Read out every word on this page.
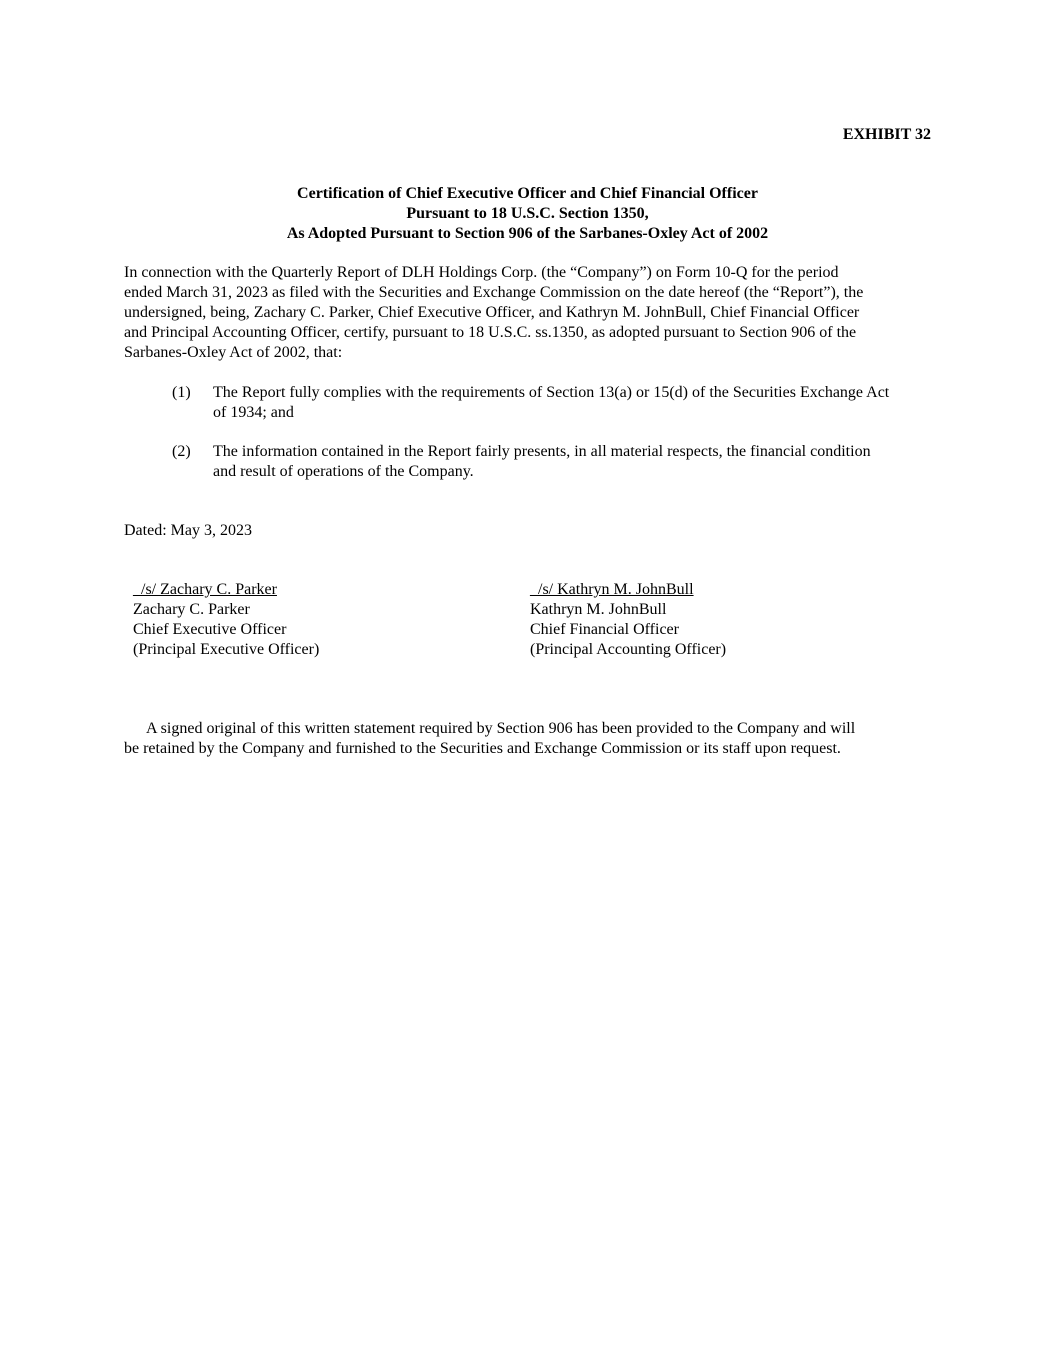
EXHIBIT 32
Certification of Chief Executive Officer and Chief Financial Officer
Pursuant to 18 U.S.C. Section 1350,
As Adopted Pursuant to Section 906 of the Sarbanes-Oxley Act of 2002
In connection with the Quarterly Report of DLH Holdings Corp. (the “Company”) on Form 10-Q for the period
ended March 31, 2023 as filed with the Securities and Exchange Commission on the date hereof (the “Report”), the
undersigned, being, Zachary C. Parker, Chief Executive Officer, and Kathryn M. JohnBull, Chief Financial Officer
and Principal Accounting Officer, certify, pursuant to 18 U.S.C. ss.1350, as adopted pursuant to Section 906 of the
Sarbanes-Oxley Act of 2002, that:
(1) The Report fully complies with the requirements of Section 13(a) or 15(d) of the Securities Exchange Act
of 1934; and
(2) The information contained in the Report fairly presents, in all material respects, the financial condition
and result of operations of the Company.
Dated: May 3, 2023
_/s/ Zachary C. Parker
Zachary C. Parker
Chief Executive Officer
(Principal Executive Officer)
_/s/ Kathryn M. JohnBull
Kathryn M. JohnBull
Chief Financial Officer
(Principal Accounting Officer)
A signed original of this written statement required by Section 906 has been provided to the Company and will
be retained by the Company and furnished to the Securities and Exchange Commission or its staff upon request.
